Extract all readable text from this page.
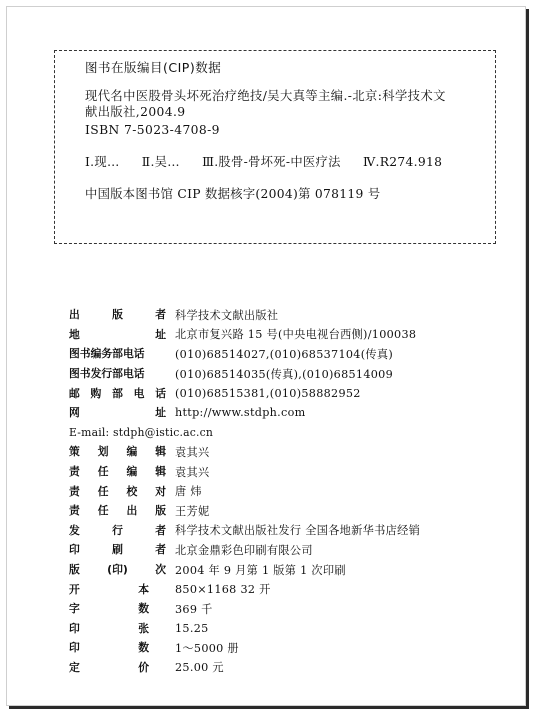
图书在版编目(CIP)数据
现代名中医股骨头坏死治疗绝技/吴大真等主编.-北京:科学技术文
献出版社,2004.9
ISBN 7-5023-4708-9
Ⅰ.现… Ⅱ.吴… Ⅲ.股骨-骨坏死-中医疗法 Ⅳ.R274.918
中国版本图书馆 CIP 数据核字(2004)第 078119 号
出	版	者 科学技术文献出版社
地	址 北京市复兴路 15 号(中央电视台西侧)/100038
图书编务部电话	(010)68514027,(010)68537104(传真)
图书发行部电话	(010)68514035(传真),(010)68514009
邮 购 部 电 话 (010)68515381,(010)58882952
网	址 http://www.stdph.com
E-mail: stdph@istic.ac.cn
策 划 编 辑 袁其兴
责 任 编 辑 袁其兴
责 任 校 对 唐 炜
责 任 出 版 王芳妮
发	行	者 科学技术文献出版社发行 全国各地新华书店经销
印	刷	者 北京金鼎彩色印刷有限公司
版	(印)	次 2004 年 9 月第 1 版第 1 次印刷
开	本 850×1168 32 开
字	数 369 千
印	张 15.25
印	数 1～5000 册
定	价 25.00 元
